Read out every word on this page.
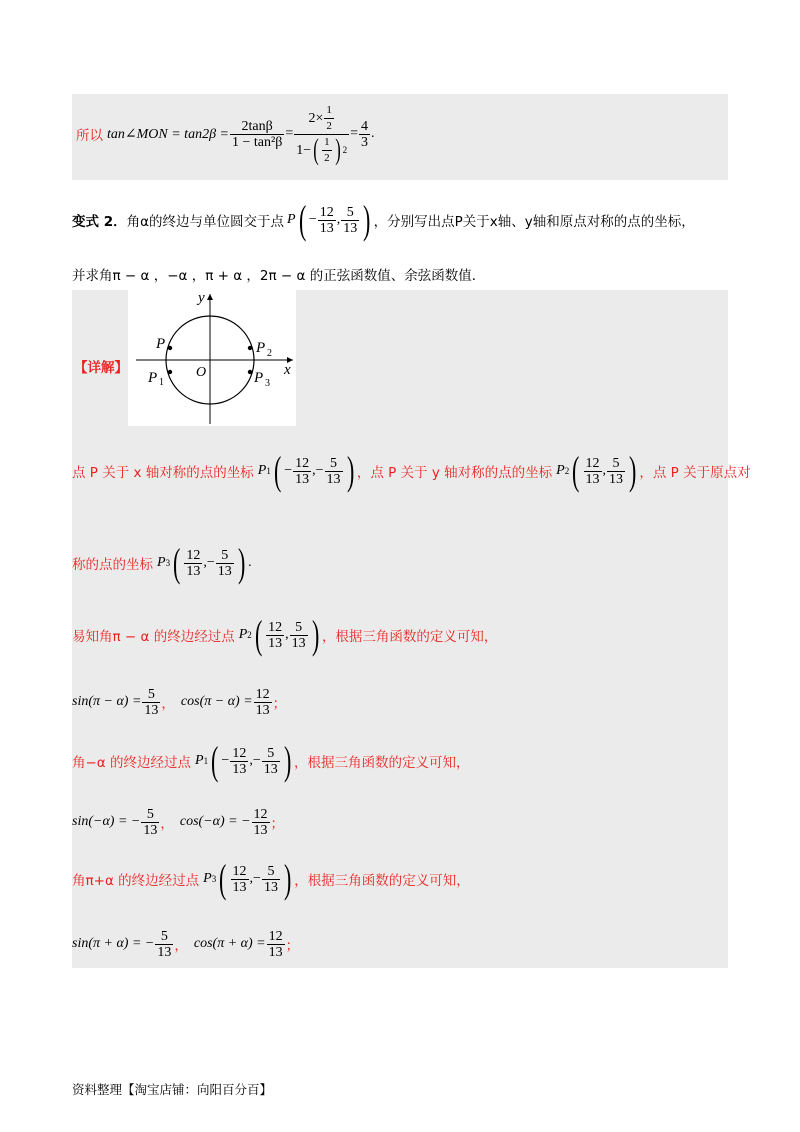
所以 tan∠MON = $\tan 2\beta = \frac{2\tan\beta}{\text{1 − tan²β}} = \frac{2\times \frac{1}{2}}{1- ( \frac{1}{2} ) 2} = \frac{4}{3}$ .
变式 2． 角α的终边与单位圆交于点 P ( − $\frac{12}{13}$ , $\frac{5}{13}$ ) ，分别写出点P关于x轴、y轴和原点对称的点的坐标，
并求角π − α ，−α ，π + α ，2π − α 的正弦函数值、余弦函数值．
【详解】
y
x
O
P
P 1
P 2
P 3
点 P 关于 x 轴对称的点的坐标 P 1 ( − $\frac{12}{13}$ , − $\frac{5}{13}$ ) ，点 P 关于 y 轴对称的点的坐标 P 2 ( $\frac{12}{13}$ , $\frac{5}{13}$ ) ，点 P 关于原点对
称的点的坐标 P 3 ( $\frac{12}{13}$ , − $\frac{5}{13}$ ) .
易知角π − α 的终边经过点 P 2 ( $\frac{12}{13}$ , $\frac{5}{13}$ ) ，根据三角函数的定义可知，
$\sin(\pi - \alpha) = \frac{5}{13}$ ， $\cos(\pi - \alpha) = \frac{12}{13}$ ；
角−α 的终边经过点 P 1 ( − $\frac{12}{13}$ , − $\frac{5}{13}$ ) ，根据三角函数的定义可知，
sin(−α) = − $\frac{5}{13}$ ， cos(−α) = − $\frac{12}{13}$ ；
角π+α 的终边经过点 P 3 ( $\frac{12}{13}$ , − $\frac{5}{13}$ ) ，根据三角函数的定义可知，
sin(π + α) = − $\frac{5}{13}$ ， $\cos(\pi + \alpha) = \frac{12}{13}$ ；
资料整理【淘宝店铺：向阳百分百】
